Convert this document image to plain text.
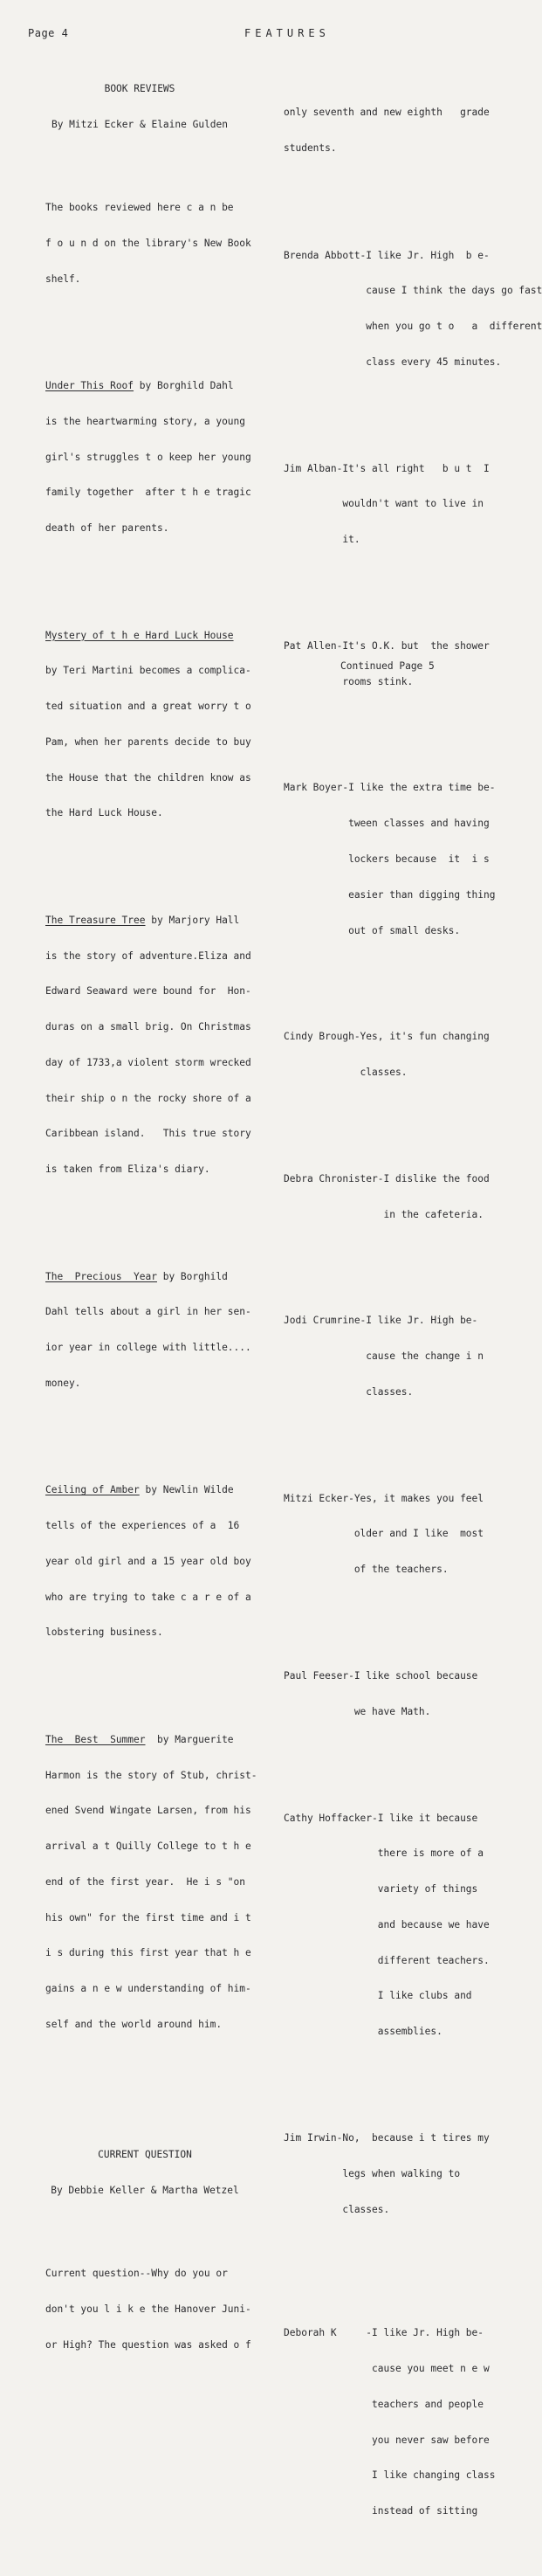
Page 4	FEATURES

BOOK REVIEWS

By Mitzi Ecker & Elaine Gulden

The books reviewed here c a n be

f o u n d on the library's New Book

shelf.

Under This Roof by Borghild Dahl

is the heartwarming story, a young

girl's struggles t o keep her young

family together  after t h e tragic

death of her parents.

Mystery of t h e Hard Luck House

by Teri Martini becomes a complica-

ted situation and a great worry t o

Pam, when her parents decide to buy

the House that the children know as

the Hard Luck House.

The Treasure Tree by Marjory Hall

is the story of adventure.Eliza and

Edward Seaward were bound for  Hon-

duras on a small brig. On Christmas

day of 1733,a violent storm wrecked

their ship o n the rocky shore of a

Caribbean island.   This true story

is taken from Eliza's diary.

The  Precious  Year by Borghild

Dahl tells about a girl in her sen-

ior year in college with little....

money.

Ceiling of Amber by Newlin Wilde

tells of the experiences of a  16

year old girl and a 15 year old boy

who are trying to take c a r e of a

lobstering business.

The  Best  Summer  by Marguerite

Harmon is the story of Stub, christ-

ened Svend Wingate Larsen, from his

arrival a t Quilly College to t h e

end of the first year.  He i s "on

his own" for the first time and i t

i s during this first year that h e

gains a n e w understanding of him-

self and the world around him.

CURRENT QUESTION

By Debbie Keller & Martha Wetzel

Current question--Why do you or

don't you l i k e the Hanover Juni-

or High? The question was asked o f

only seventh and new eighth   grade

students.

Brenda Abbott-I like Jr. High  b e-

cause I think the days go fast

when you go t o   a  different

class every 45 minutes.

Jim Alban-It's all right   b u t  I

wouldn't want to live in

it.

Pat Allen-It's O.K. but  the shower

rooms stink.

Mark Boyer-I like the extra time be-

tween classes and having

lockers because  it  i s

easier than digging thing

out of small desks.

Cindy Brough-Yes, it's fun changing

classes.

Debra Chronister-I dislike the food

in the cafeteria.

Jodi Crumrine-I like Jr. High be-

cause the change i n

classes.

Mitzi Ecker-Yes, it makes you feel

older and I like  most

of the teachers.

Paul Feeser-I like school because

we have Math.

Cathy Hoffacker-I like it because

there is more of a

variety of things

and because we have

different teachers.

I like clubs and

assemblies.

Jim Irwin-No,  because i t tires my

legs when walking to

classes.

Deborah K     -I like Jr. High be-

cause you meet n e w

teachers and people

you never saw before

I like changing class

instead of sitting

Continued Page 5
